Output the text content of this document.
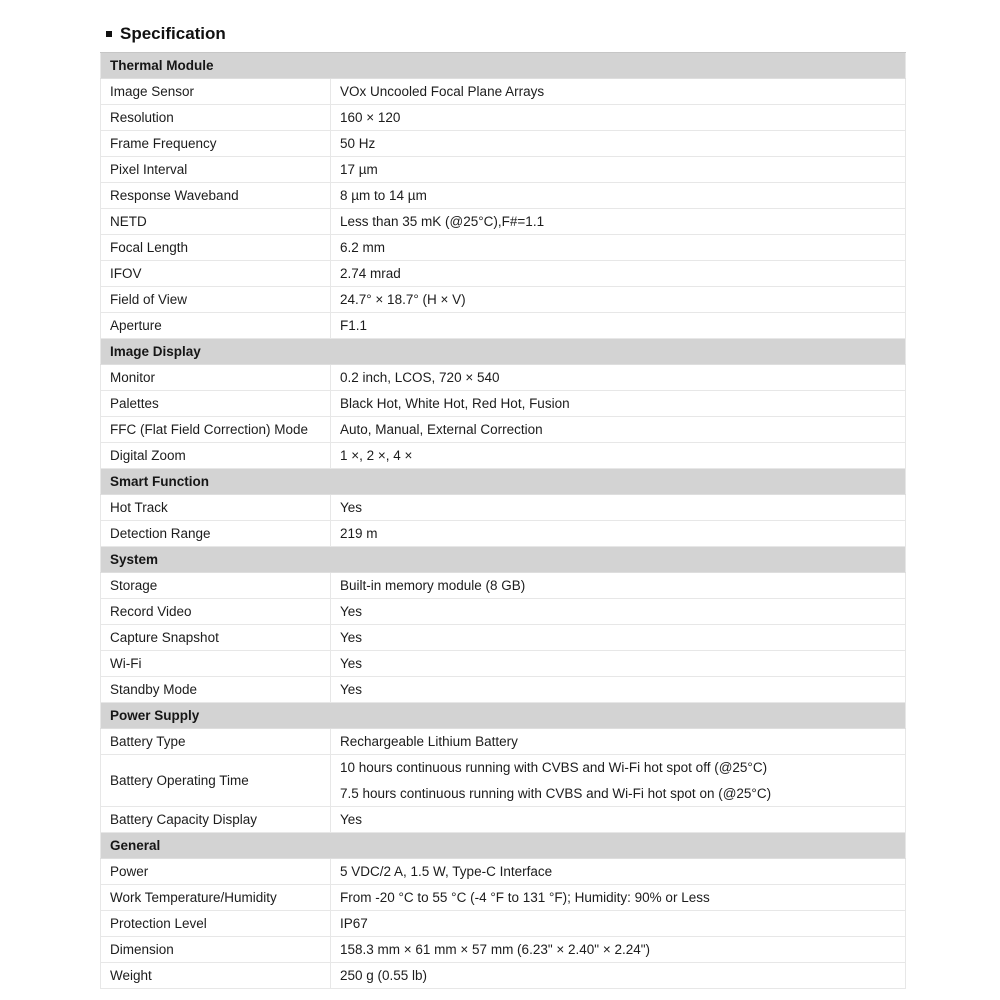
Specification
Thermal Module	
Image Sensor	VOx Uncooled Focal Plane Arrays

Resolution	160 × 120

Frame Frequency	50 Hz

Pixel Interval	17 µm

Response Waveband	8 µm to 14 µm

NETD	Less than 35 mK (@25°C),F#=1.1

Focal Length	6.2 mm

IFOV	2.74 mrad

Field of View	24.7° × 18.7° (H × V)

Aperture	F1.1

Image Display	
Monitor	0.2 inch, LCOS, 720 × 540

Palettes	Black Hot, White Hot, Red Hot, Fusion

FFC (Flat Field Correction) Mode	Auto, Manual, External Correction

Digital Zoom	1 ×, 2 ×, 4 ×

Smart Function	
Hot Track	Yes

Detection Range	219 m

System	
Storage	Built-in memory module (8 GB)

Record Video	Yes

Capture Snapshot	Yes

Wi-Fi	Yes

Standby Mode	Yes

Power Supply	
Battery Type	Rechargeable Lithium Battery

Battery Operating Time	10 hours continuous running with CVBS and Wi-Fi hot spot off (@25°C)
7.5 hours continuous running with CVBS and Wi-Fi hot spot on (@25°C)

Battery Capacity Display	Yes

General	
Power	5 VDC/2 A, 1.5 W, Type-C Interface

Work Temperature/Humidity	From -20 °C to 55 °C (-4 °F to 131 °F); Humidity: 90% or Less

Protection Level	IP67

Dimension	158.3 mm × 61 mm × 57 mm (6.23" × 2.40" × 2.24")

Weight	250 g (0.55 lb)
